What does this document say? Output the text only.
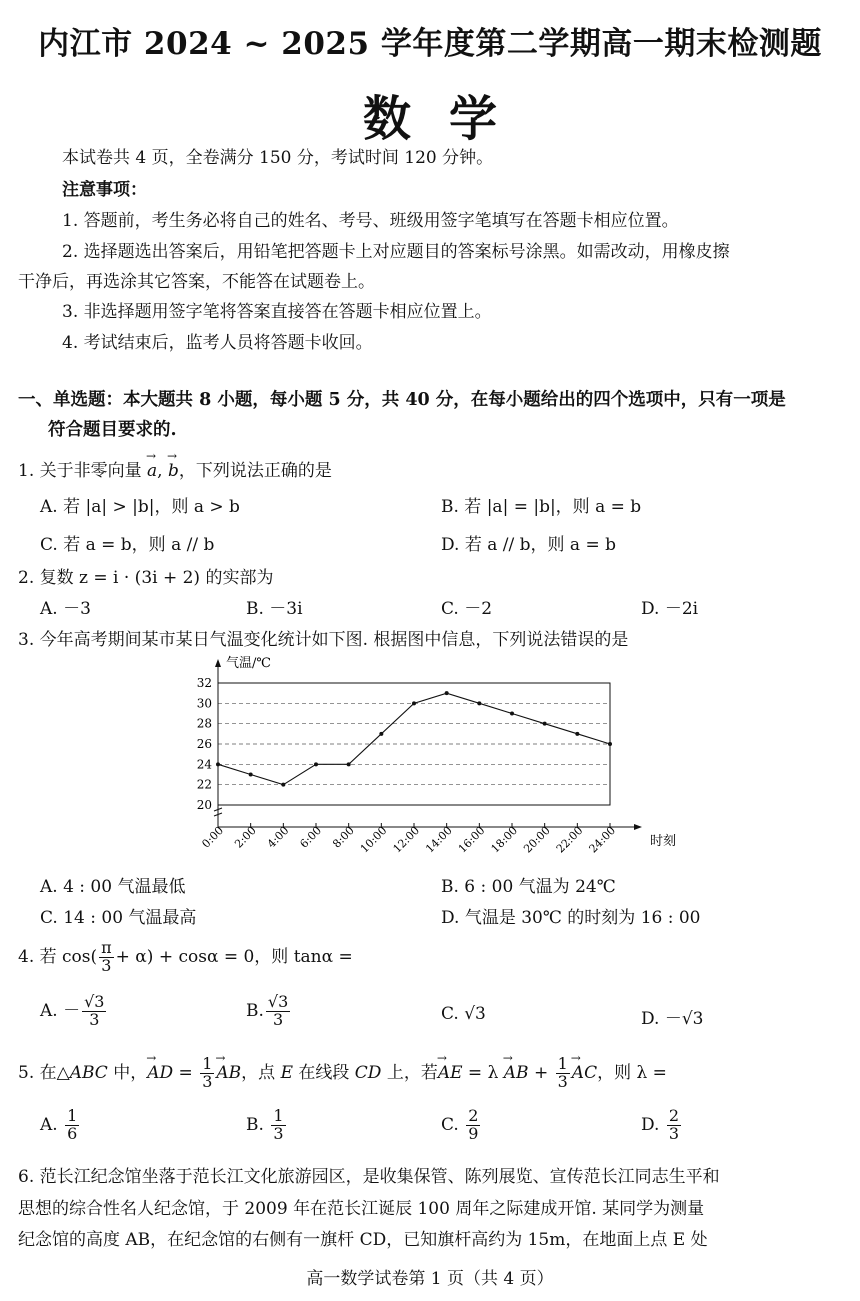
内江市 2024 ~ 2025 学年度第二学期高一期末检测题
数学
本试卷共 4 页，全卷满分 150 分，考试时间 120 分钟。
注意事项：
1. 答题前，考生务必将自己的姓名、考号、班级用签字笔填写在答题卡相应位置。
2. 选择题选出答案后，用铅笔把答题卡上对应题目的答案标号涂黑。如需改动，用橡皮擦
干净后，再选涂其它答案，不能答在试题卷上。
3. 非选择题用签字笔将答案直接答在答题卡相应位置上。
4. 考试结束后，监考人员将答题卡收回。
一、单选题：本大题共 8 小题，每小题 5 分，共 40 分，在每小题给出的四个选项中，只有一项是
符合题目要求的.
1. 关于非零向量 → a, → b，下列说法正确的是
A. 若 |a| > |b|，则 a > b	B. 若 |a| = |b|，则 a = b
C. 若 a = b，则 a // b	D. 若 a // b，则 a = b
2. 复数 z = i · (3i + 2) 的实部为
A. －3	B. －3i	C. －2	D. －2i
3. 今年高考期间某市某日气温变化统计如下图. 根据图中信息，下列说法错误的是
20
22
24
26
28
30
32
0:00 2:00 4:00 6:00 8:00 10:00 12:00 14:00 16:00 18:00 20:00 22:00 24:00
气温/℃
时刻
A. 4 : 00 气温最低	B. 6 : 00 气温为 24℃
C. 14 : 00 气温最高	D. 气温是 30℃ 的时刻为 16 : 00
4. 若 $\cos( \frac{\pi}{3} + \alpha) + \cos\alpha = 0$，则 tanα =
A. － $\frac{√3}{3}$	B. $\frac{√3}{3}$	C. √3	D. －√3
5. 在△ABC 中，→ AD = $\frac{1}{3}$ → AB，点 E 在线段 CD 上，若→ AE = λ → AB + $\frac{1}{3}$ → AC，则 λ =
A. $\frac{1}{6}$	B. $\frac{1}{3}$	C. $\frac{2}{9}$	D. $\frac{2}{3}$
6. 范长江纪念馆坐落于范长江文化旅游园区，是收集保管、陈列展览、宣传范长江同志生平和
思想的综合性名人纪念馆，于 2009 年在范长江诞辰 100 周年之际建成开馆. 某同学为测量
纪念馆的高度 AB，在纪念馆的右侧有一旗杆 CD，已知旗杆高约为 15m，在地面上点 E 处
高一数学试卷第 1 页（共 4 页）
